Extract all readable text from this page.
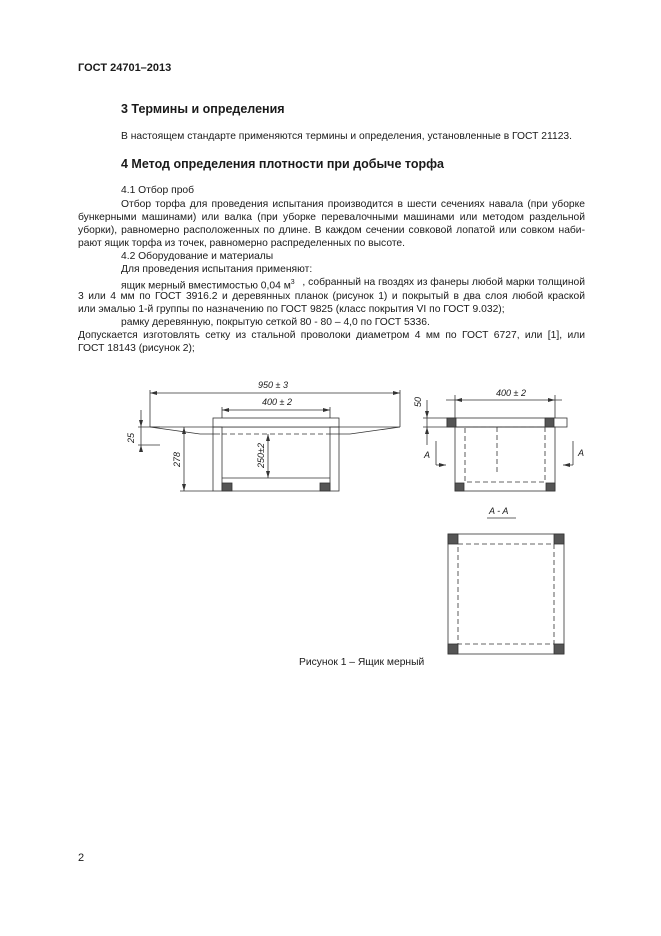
ГОСТ 24701–2013
3 Термины и определения
В настоящем стандарте применяются термины и определения, установленные в ГОСТ 21123.
4 Метод определения плотности при добыче торфа
4.1 Отбор проб
Отбор торфа для проведения испытания производится в шести сечениях навала (при уборке
бункерными машинами) или валка (при уборке перевалочными машинами или методом раздельной
уборки), равномерно расположенных по длине. В каждом сечении совковой лопатой или совком наби-
рают ящик торфа из точек, равномерно распределенных по высоте.
4.2 Оборудование и материалы
Для проведения испытания применяют:
ящик мерный вместимостью 0,04 $м^3$ , собранный на гвоздях из фанеры любой марки толщиной
3 или 4 мм по ГОСТ 3916.2 и деревянных планок (рисунок 1) и покрытый в два слоя любой краской
или эмалью 1-й группы по назначению по ГОСТ 9825 (класс покрытия VI по ГОСТ 9.032);
рамку деревянную, покрытую сеткой 80 - 80 – 4,0 по ГОСТ 5336.
Допускается изготовлять сетку из стальной проволоки диаметром 4 мм по ГОСТ 6727, или [1], или
ГОСТ 18143 (рисунок 2);
950 ± 3
400 ± 2
250±2
278
25
400 ± 2
50
A	A
A - A
Рисунок 1 – Ящик мерный
2
